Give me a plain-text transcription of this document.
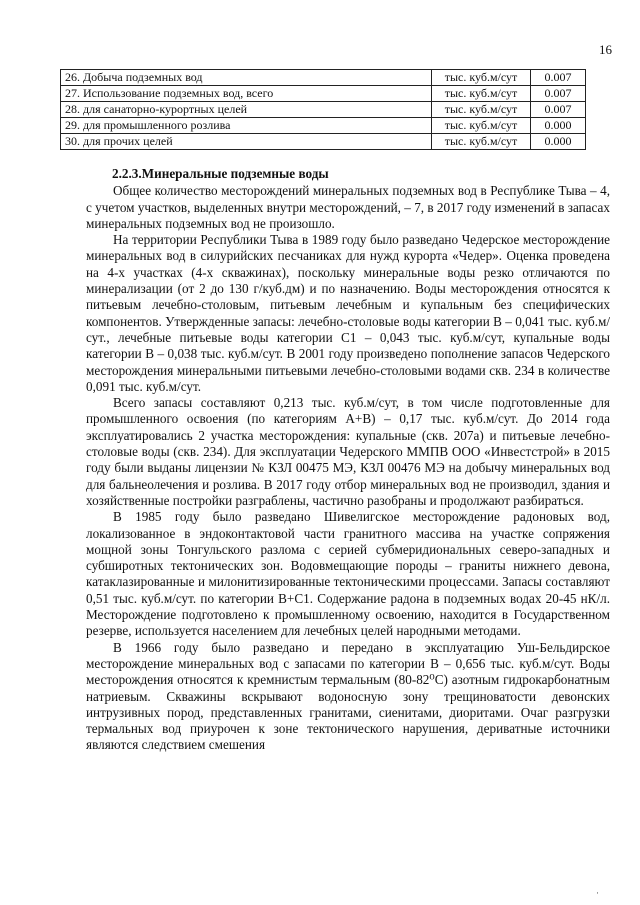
16
26. Добыча подземных вод	тыс. куб.м/сут	0.007
27. Использование подземных вод, всего	тыс. куб.м/сут	0.007
28. для санаторно-курортных целей	тыс. куб.м/сут	0.007
29. для промышленного розлива	тыс. куб.м/сут	0.000
30. для прочих целей	тыс. куб.м/сут	0.000
2.2.3.Минеральные подземные воды

Общее количество месторождений минеральных подземных вод в Республике Тыва – 4, с учетом участков, выделенных внутри месторождений, – 7, в 2017 году изменений в запасах минеральных подземных вод не произошло.

На территории Республики Тыва в 1989 году было разведано Чедерское месторождение минеральных вод в силурийских песчаниках для нужд курорта «Чедер». Оценка проведена на 4-х участках (4-х скважинах), поскольку минеральные воды резко отличаются по минерализации (от 2 до 130 г/куб.дм) и по назначению. Воды месторождения относятся к питьевым лечебно-столовым, питьевым лечебным и купальным без специфических компонентов. Утвержденные запасы: лечебно-столовые воды категории В – 0,041 тыс. куб.м/сут., лечебные питьевые воды категории С1 – 0,043 тыс. куб.м/сут, купальные воды категории В – 0,038 тыс. куб.м/сут. В 2001 году произведено пополнение запасов Чедерского месторождения минеральными питьевыми лечебно-столовыми водами скв. 234 в количестве 0,091 тыс. куб.м/сут.

Всего запасы составляют 0,213 тыс. куб.м/сут, в том числе подготовленные для промышленного освоения (по категориям А+В) – 0,17 тыс. куб.м/сут. До 2014 года эксплуатировались 2 участка месторождения: купальные (скв. 207а) и питьевые лечебно-столовые воды (скв. 234). Для эксплуатации Чедерского ММПВ ООО «Инвестстрой» в 2015 году были выданы лицензии № КЗЛ 00475 МЭ, КЗЛ 00476 МЭ на добычу минеральных вод для бальнеолечения и розлива. В 2017 году отбор минеральных вод не производил, здания и хозяйственные постройки разграблены, частично разобраны и продолжают разбираться.

В 1985 году было разведано Шивелигское месторождение радоновых вод, локализованное в эндоконтактовой части гранитного массива на участке сопряжения мощной зоны Тонгульского разлома с серией субмеридиональных северо-западных и субширотных тектонических зон. Водовмещающие породы – граниты нижнего девона, катаклазированные и милонитизированные тектоническими процессами. Запасы составляют 0,51 тыс. куб.м/сут. по категории В+С1. Содержание радона в подземных водах 20-45 нК/л. Месторождение подготовлено к промышленному освоению, находится в Государственном резерве, используется населением для лечебных целей народными методами.

В 1966 году было разведано и передано в эксплуатацию Уш-Бельдирское месторождение минеральных вод с запасами по категории В – 0,656 тыс. куб.м/сут. Воды месторождения относятся к кремнистым термальным (80-82⁰С) азотным гидрокарбонатным натриевым. Скважины вскрывают водоносную зону трещиноватости девонских интрузивных пород, представленных гранитами, сиенитами, диоритами. Очаг разгрузки термальных вод приурочен к зоне тектонического нарушения, дериватные источники являются следствием смешения

·
